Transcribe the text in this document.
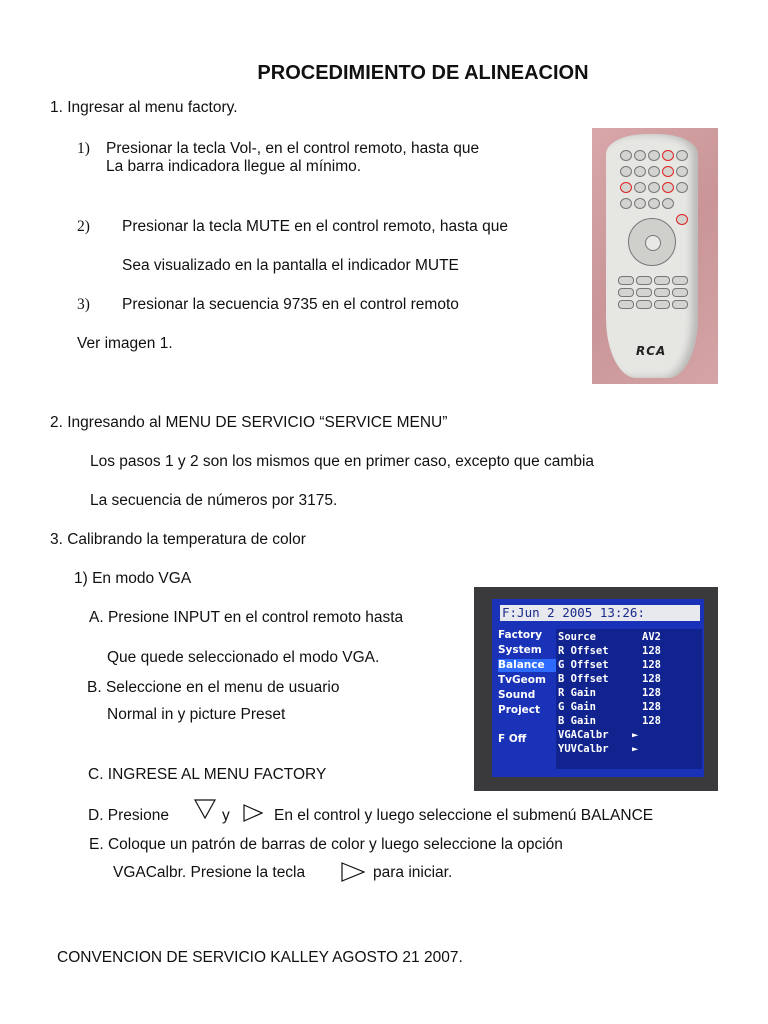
PROCEDIMIENTO DE ALINEACION
1. Ingresar al menu factory.
1) Presionar la tecla Vol-, en el control remoto, hasta que
La barra indicadora llegue al mínimo.
2) Presionar la tecla MUTE en el control remoto, hasta que
Sea visualizado en la pantalla el indicador MUTE
3) Presionar la secuencia 9735 en el control remoto
Ver imagen 1.	RCA
2. Ingresando al MENU DE SERVICIO “SERVICE MENU”
Los pasos 1 y 2 son los mismos que en primer caso, excepto que cambia
La secuencia de números por 3175.
3. Calibrando la temperatura de color
1) En modo VGA
A. Presione INPUT en el control remoto hasta
Que quede seleccionado el modo VGA.
B. Seleccione en el menu de usuario
Normal in y picture Preset
C. INGRESE AL MENU FACTORY
D. Presione	y	En el control y luego seleccione el submenú BALANCE
E. Coloque un patrón de barras de color y luego seleccione la opción
VGACalbr. Presione la tecla	para iniciar.
F:Jun 2 2005 13:26:
Factory
System
Balance
TvGeom
Sound
Project
F Off
Source	AV2
R Offset	128
G Offset	128
B Offset	128
R Gain	128
G Gain	128
B Gain	128
VGACalbr ►
YUVCalbr ►
CONVENCION DE SERVICIO KALLEY AGOSTO 21 2007.
